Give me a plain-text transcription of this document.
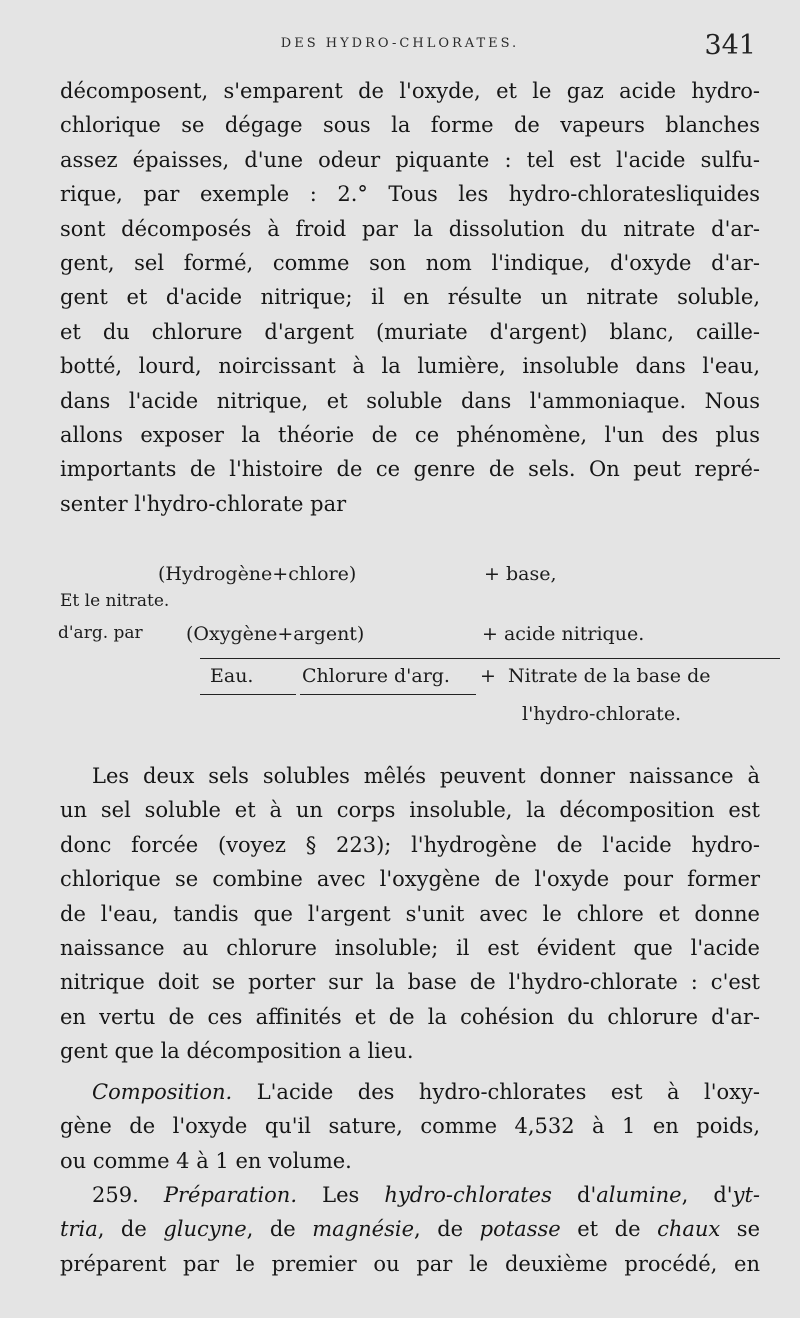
DES HYDRO-CHLORATES.	341
décomposent, s'emparent de l'oxyde, et le gaz acide hydro-
chlorique se dégage sous la forme de vapeurs blanches
assez épaisses, d'une odeur piquante : tel est l'acide sulfu-
rique, par exemple : 2.° Tous les hydro-chloratesliquides
sont décomposés à froid par la dissolution du nitrate d'ar-
gent, sel formé, comme son nom l'indique, d'oxyde d'ar-
gent et d'acide nitrique; il en résulte un nitrate soluble,
et du chlorure d'argent (muriate d'argent) blanc, caille-
botté, lourd, noircissant à la lumière, insoluble dans l'eau,
dans l'acide nitrique, et soluble dans l'ammoniaque. Nous
allons exposer la théorie de ce phénomène, l'un des plus
importants de l'histoire de ce genre de sels. On peut repré-
senter l'hydro-chlorate par
(Hydrogène+chlore)	+ base,
Et le nitrate.
d'arg. par (Oxygène+argent)	+ acide nitrique.
Eau.	Chlorure d'arg. + Nitrate de la base de
l'hydro-chlorate.
Les deux sels solubles mêlés peuvent donner naissance à
un sel soluble et à un corps insoluble, la décomposition est
donc forcée (voyez § 223); l'hydrogène de l'acide hydro-
chlorique se combine avec l'oxygène de l'oxyde pour former
de l'eau, tandis que l'argent s'unit avec le chlore et donne
naissance au chlorure insoluble; il est évident que l'acide
nitrique doit se porter sur la base de l'hydro-chlorate : c'est
en vertu de ces affinités et de la cohésion du chlorure d'ar-
gent que la décomposition a lieu.
Composition. L'acide des hydro-chlorates est à l'oxy-
gène de l'oxyde qu'il sature, comme 4,532 à 1 en poids,
ou comme 4 à 1 en volume.
259. Préparation. Les hydro-chlorates d'alumine, d'yt-
tria, de glucyne, de magnésie, de potasse et de chaux se
préparent par le premier ou par le deuxième procédé, en
